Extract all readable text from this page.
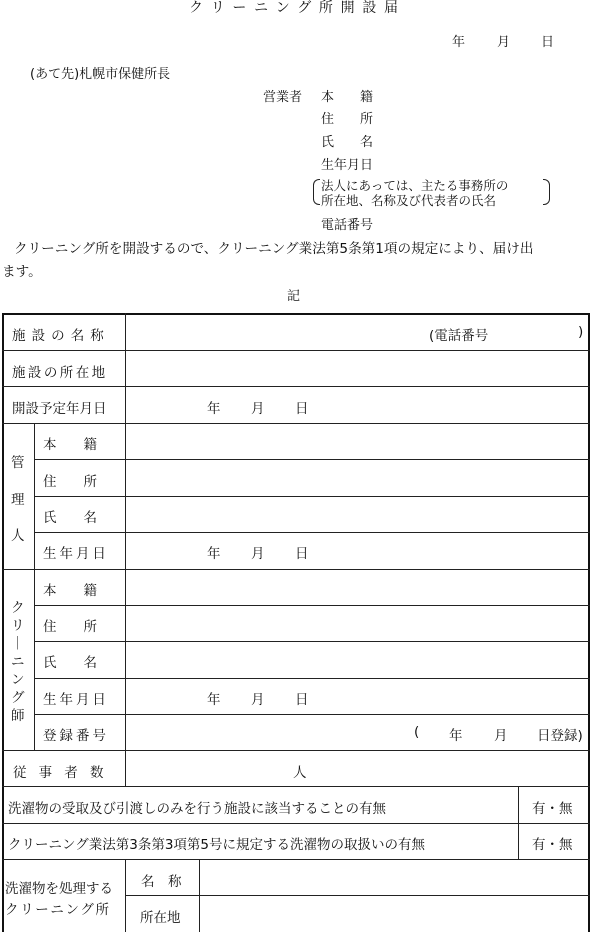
クリーニング所開設届
年 月 日
(あて先)札幌市保健所長
営業者 本　　籍
住　　所
氏　　名
生年月日
法人にあっては、主たる事務所の
所在地、名称及び代表者の氏名
電話番号
クリーニング所を開設するので、クリーニング業法第5条第1項の規定により、届け出
ます。
記
施設の名称	(電話番号	)
施設の所在地
開設予定年月日	年 月 日
管
理
人
本　　籍
住　　所
氏　　名
生年月日	年 月 日
ク
リ
｜
ニ
ン
グ
師
本　　籍
住　　所
氏　　名
生年月日	年 月 日
登録番号	( 年 月 日登録)
従事者数	人
洗濯物の受取及び引渡しのみを行う施設に該当することの有無	有・無
クリーニング業法第3条第3項第5号に規定する洗濯物の取扱いの有無	有・無
洗濯物を処理する
クリーニング所
名　称
所在地
